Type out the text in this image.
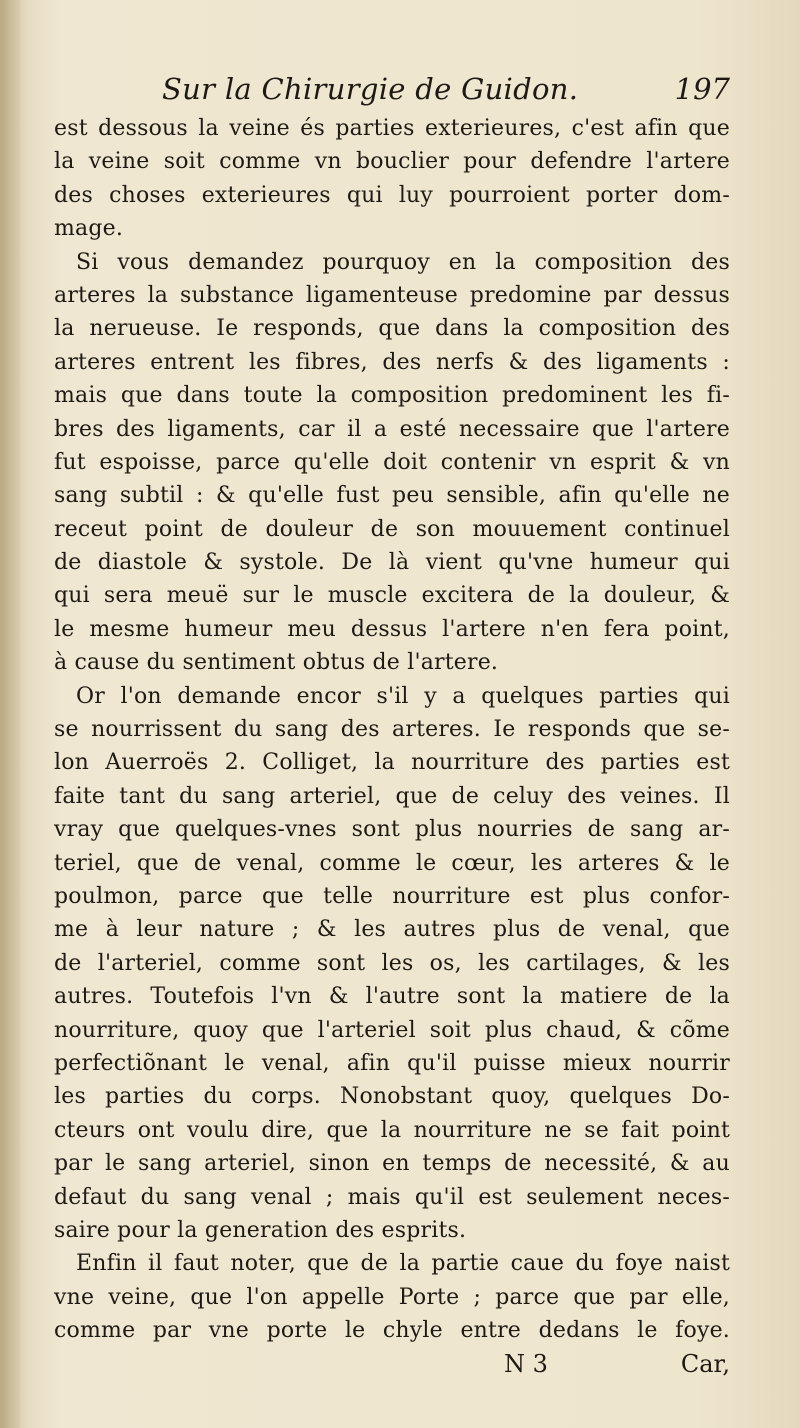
Sur la Chirurgie de Guidon.	197
est dessous la veine és parties exterieures, c'est afin que
la veine soit comme vn bouclier pour defendre l'artere
des choses exterieures qui luy pourroient porter dom-
mage.
Si vous demandez pourquoy en la composition des
arteres la substance ligamenteuse predomine par dessus
la nerueuse. Ie responds, que dans la composition des
arteres entrent les fibres, des nerfs & des ligaments :
mais que dans toute la composition predominent les fi-
bres des ligaments, car il a esté necessaire que l'artere
fut espoisse, parce qu'elle doit contenir vn esprit & vn
sang subtil : & qu'elle fust peu sensible, afin qu'elle ne
receut point de douleur de son mouuement continuel
de diastole & systole. De là vient qu'vne humeur qui
qui sera meuë sur le muscle excitera de la douleur, &
le mesme humeur meu dessus l'artere n'en fera point,
à cause du sentiment obtus de l'artere.
Or l'on demande encor s'il y a quelques parties qui
se nourrissent du sang des arteres. Ie responds que se-
lon Auerroës 2. Colliget, la nourriture des parties est
faite tant du sang arteriel, que de celuy des veines. Il
vray que quelques-vnes sont plus nourries de sang ar-
teriel, que de venal, comme le cœur, les arteres & le
poulmon, parce que telle nourriture est plus confor-
me à leur nature ; & les autres plus de venal, que
de l'arteriel, comme sont les os, les cartilages, & les
autres. Toutefois l'vn & l'autre sont la matiere de la
nourriture, quoy que l'arteriel soit plus chaud, & cõme
perfectiõnant le venal, afin qu'il puisse mieux nourrir
les parties du corps. Nonobstant quoy, quelques Do-
cteurs ont voulu dire, que la nourriture ne se fait point
par le sang arteriel, sinon en temps de necessité, & au
defaut du sang venal ; mais qu'il est seulement neces-
saire pour la generation des esprits.
Enfin il faut noter, que de la partie caue du foye naist
vne veine, que l'on appelle Porte ; parce que par elle,
comme par vne porte le chyle entre dedans le foye.
N 3	Car,
